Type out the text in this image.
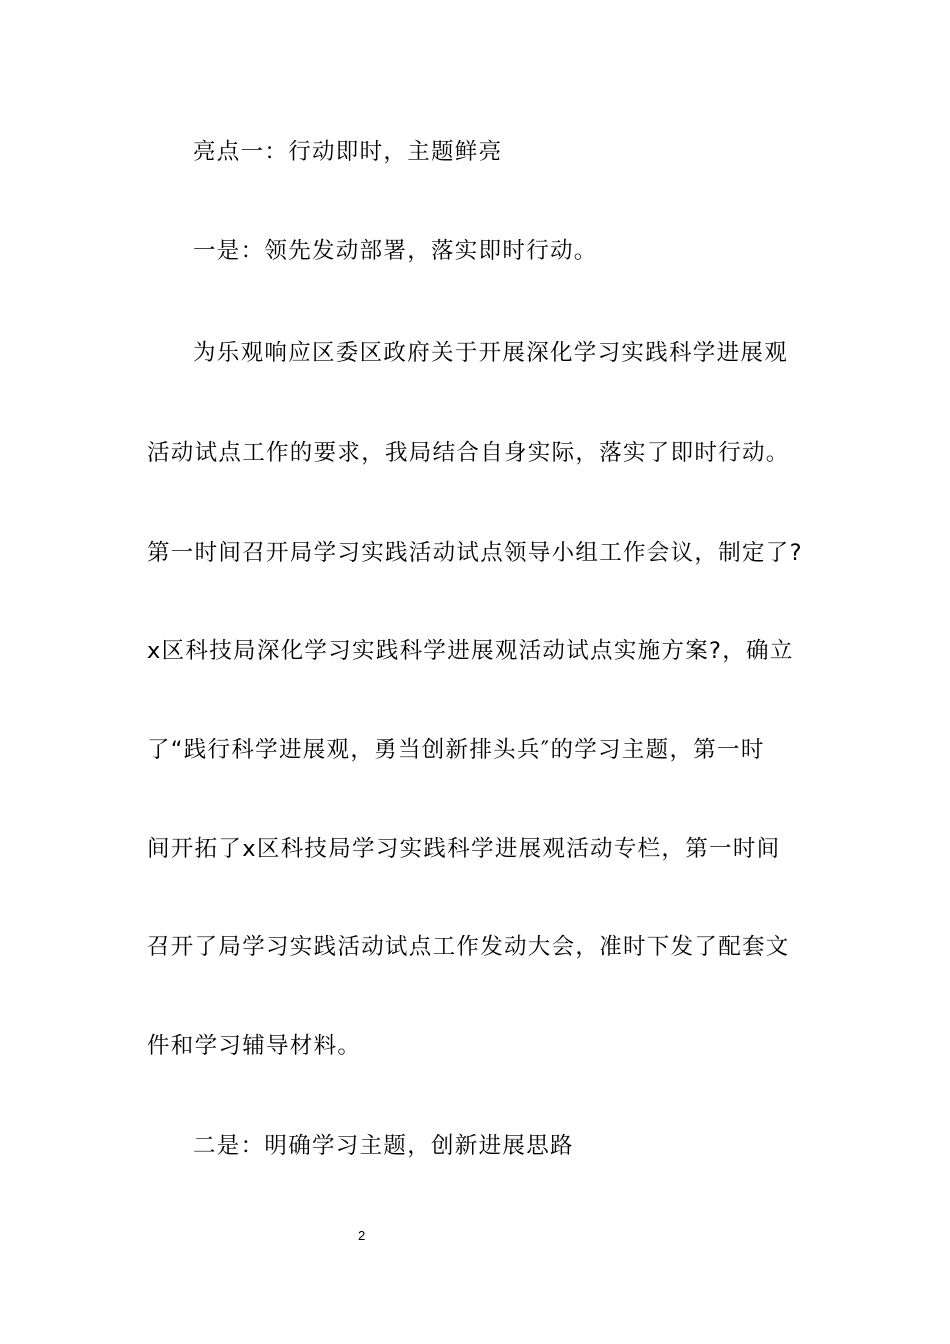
亮点一：行动即时，主题鲜亮
一是：领先发动部署，落实即时行动。
为乐观响应区委区政府关于开展深化学习实践科学进展观
活动试点工作的要求，我局结合自身实际，落实了即时行动。
第一时间召开局学习实践活动试点领导小组工作会议，制定了?
x区科技局深化学习实践科学进展观活动试点实施方案?，确立
了“践行科学进展观，勇当创新排头兵″的学习主题，第一时
间开拓了x区科技局学习实践科学进展观活动专栏，第一时间
召开了局学习实践活动试点工作发动大会，准时下发了配套文
件和学习辅导材料。
二是：明确学习主题，创新进展思路
2
